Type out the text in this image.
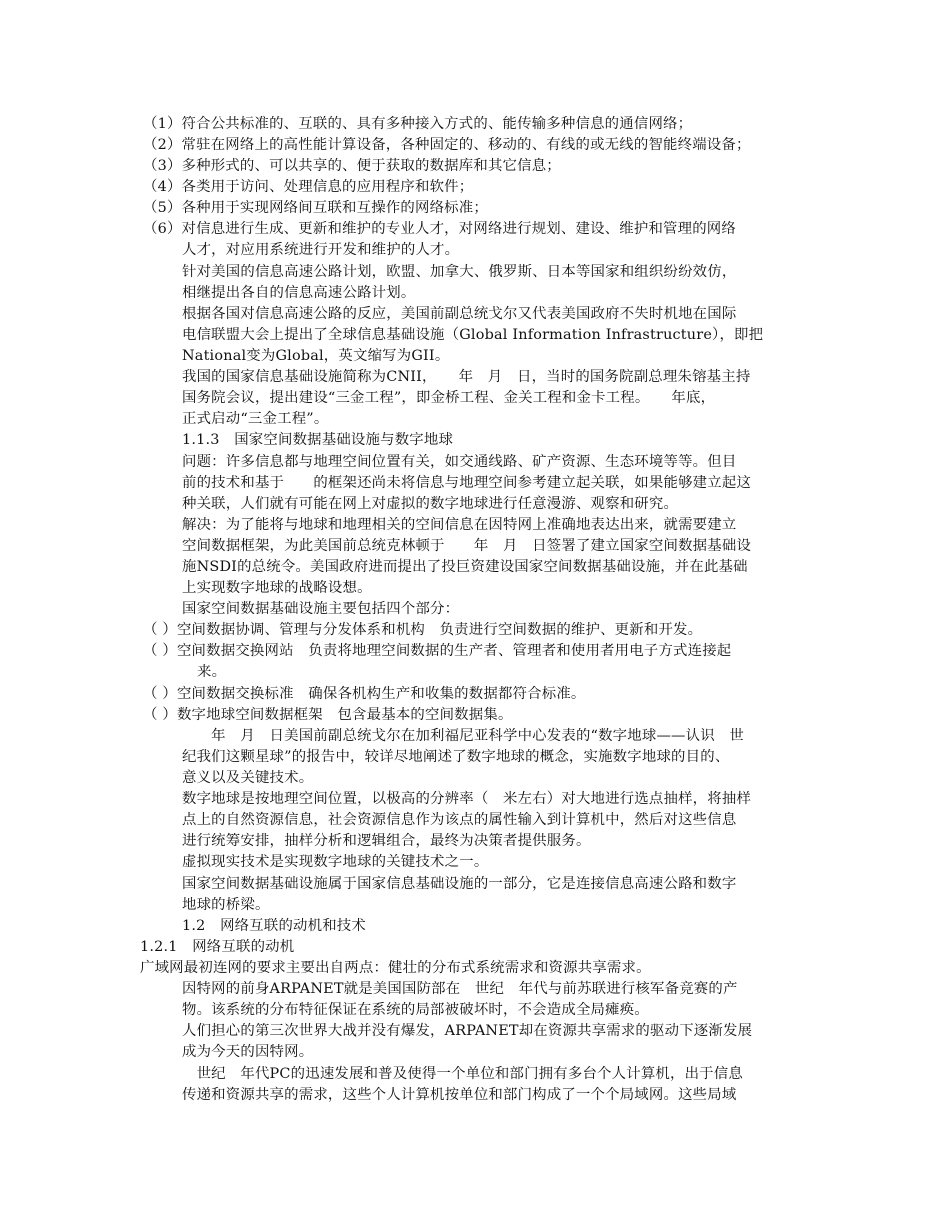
（1）符合公共标准的、互联的、具有多种接入方式的、能传输多种信息的通信网络；
（2）常驻在网络上的高性能计算设备，各种固定的、移动的、有线的或无线的智能终端设备；
（3）多种形式的、可以共享的、便于获取的数据库和其它信息；
（4）各类用于访问、处理信息的应用程序和软件；
（5）各种用于实现网络间互联和互操作的网络标准；
（6）对信息进行生成、更新和维护的专业人才，对网络进行规划、建设、维护和管理的网络
人才，对应用系统进行开发和维护的人才。
针对美国的信息高速公路计划，欧盟、加拿大、俄罗斯、日本等国家和组织纷纷效仿，
相继提出各自的信息高速公路计划。
根据各国对信息高速公路的反应，美国前副总统戈尔又代表美国政府不失时机地在国际
电信联盟大会上提出了全球信息基础设施（Global Information Infrastructure），即把
National变为Global，英文缩写为GII。
我国的国家信息基础设施简称为CNII，　　年　月　日，当时的国务院副总理朱镕基主持
国务院会议，提出建设“三金工程”，即金桥工程、金关工程和金卡工程。　　年底，
正式启动“三金工程”。
1.1.3　国家空间数据基础设施与数字地球
问题：许多信息都与地理空间位置有关，如交通线路、矿产资源、生态环境等等。但目
前的技术和基于　　的框架还尚未将信息与地理空间参考建立起关联，如果能够建立起这
种关联，人们就有可能在网上对虚拟的数字地球进行任意漫游、观察和研究。
解决：为了能将与地球和地理相关的空间信息在因特网上准确地表达出来，就需要建立
空间数据框架，为此美国前总统克林顿于　　年　月　日签署了建立国家空间数据基础设
施NSDI的总统令。美国政府进而提出了投巨资建设国家空间数据基础设施，并在此基础
上实现数字地球的战略设想。
国家空间数据基础设施主要包括四个部分：
（ ）空间数据协调、管理与分发体系和机构　负责进行空间数据的维护、更新和开发。
（ ）空间数据交换网站　负责将地理空间数据的生产者、管理者和使用者用电子方式连接起
来。
（ ）空间数据交换标准　确保各机构生产和收集的数据都符合标准。
（ ）数字地球空间数据框架　包含最基本的空间数据集。
　　年　月　日美国前副总统戈尔在加利福尼亚科学中心发表的“数字地球——认识　世
纪我们这颗星球”的报告中，较详尽地阐述了数字地球的概念，实施数字地球的目的、
意义以及关键技术。
数字地球是按地理空间位置，以极高的分辨率（　米左右）对大地进行选点抽样，将抽样
点上的自然资源信息，社会资源信息作为该点的属性输入到计算机中，然后对这些信息
进行统筹安排，抽样分析和逻辑组合，最终为决策者提供服务。
虚拟现实技术是实现数字地球的关键技术之一。
国家空间数据基础设施属于国家信息基础设施的一部分，它是连接信息高速公路和数字
地球的桥梁。
1.2　网络互联的动机和技术
1.2.1　网络互联的动机
广域网最初连网的要求主要出自两点：健壮的分布式系统需求和资源共享需求。
因特网的前身ARPANET就是美国国防部在　世纪　年代与前苏联进行核军备竞赛的产
物。该系统的分布特征保证在系统的局部被破坏时，不会造成全局瘫痪。
人们担心的第三次世界大战并没有爆发，ARPANET却在资源共享需求的驱动下逐渐发展
成为今天的因特网。
　世纪　年代PC的迅速发展和普及使得一个单位和部门拥有多台个人计算机，出于信息
传递和资源共享的需求，这些个人计算机按单位和部门构成了一个个局域网。这些局域
